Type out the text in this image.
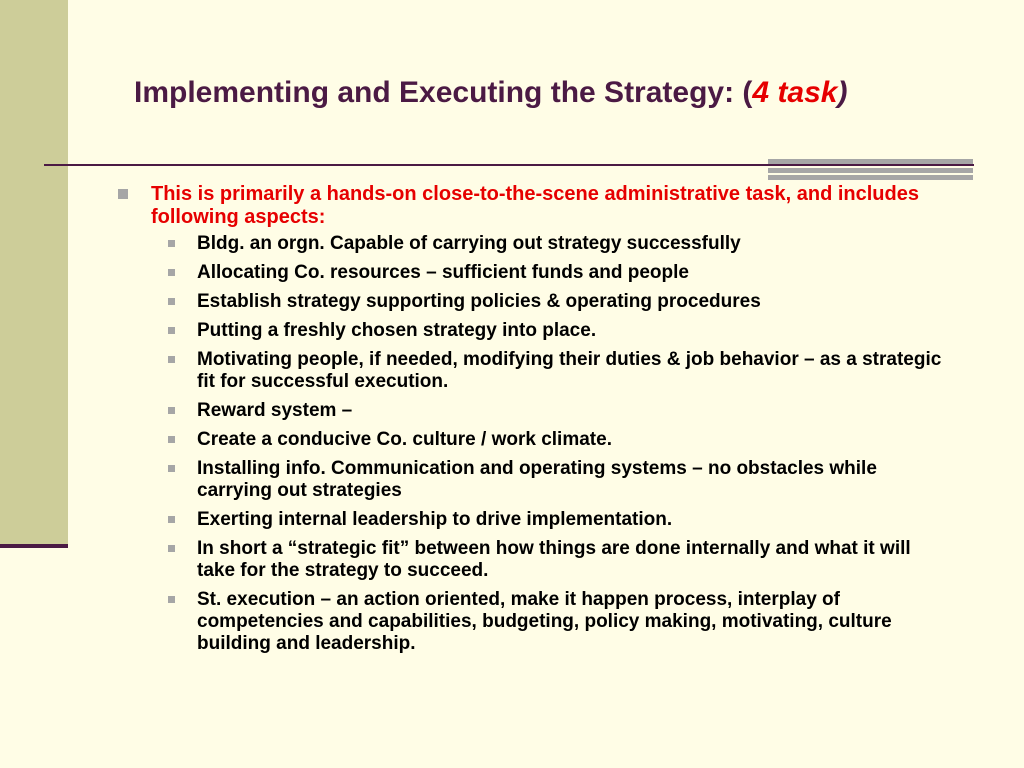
Implementing and Executing the Strategy: (4 task)
This is primarily a hands-on close-to-the-scene administrative task, and includes following aspects:
Bldg. an orgn. Capable of carrying out strategy successfully
Allocating Co. resources – sufficient funds and people
Establish strategy supporting policies & operating procedures
Putting a freshly chosen strategy into place.
Motivating people, if needed, modifying their duties & job behavior – as a strategic fit for successful execution.
Reward system –
Create a conducive Co. culture / work climate.
Installing info. Communication and operating systems – no obstacles while carrying out strategies
Exerting internal leadership to drive implementation.
In short a “strategic fit” between how things are done internally and what it will take for the strategy to succeed.
St. execution – an action oriented, make it happen process, interplay of competencies and capabilities, budgeting, policy making, motivating, culture building and leadership.
